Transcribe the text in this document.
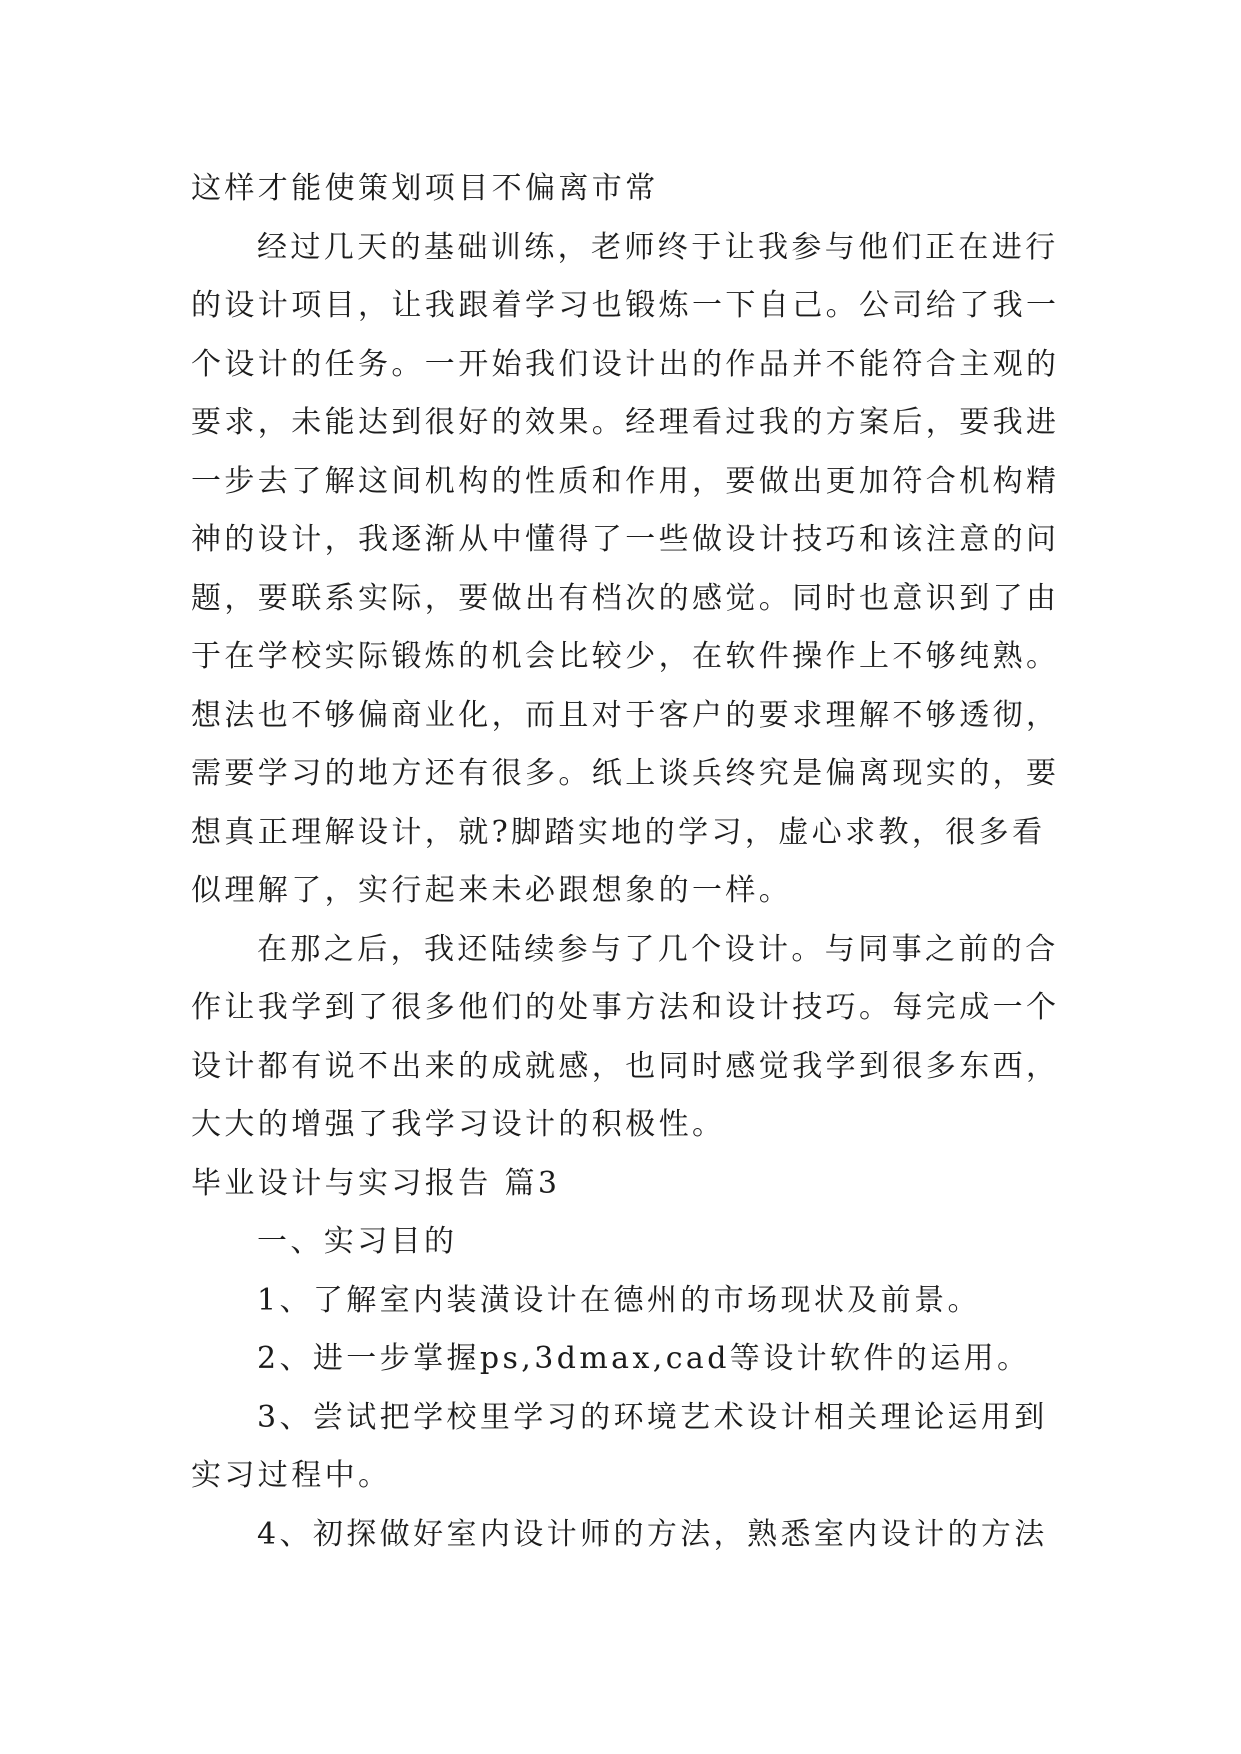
这样才能使策划项目不偏离市常
经过几天的基础训练，老师终于让我参与他们正在进行
的设计项目，让我跟着学习也锻炼一下自己。公司给了我一
个设计的任务。一开始我们设计出的作品并不能符合主观的
要求，未能达到很好的效果。经理看过我的方案后，要我进
一步去了解这间机构的性质和作用，要做出更加符合机构精
神的设计，我逐渐从中懂得了一些做设计技巧和该注意的问
题，要联系实际，要做出有档次的感觉。同时也意识到了由
于在学校实际锻炼的机会比较少，在软件操作上不够纯熟。
想法也不够偏商业化，而且对于客户的要求理解不够透彻，
需要学习的地方还有很多。纸上谈兵终究是偏离现实的，要
想真正理解设计，就?脚踏实地的学习，虚心求教，很多看
似理解了，实行起来未必跟想象的一样。
在那之后，我还陆续参与了几个设计。与同事之前的合
作让我学到了很多他们的处事方法和设计技巧。每完成一个
设计都有说不出来的成就感，也同时感觉我学到很多东西，
大大的增强了我学习设计的积极性。
毕业设计与实习报告 篇3
一、实习目的
1、了解室内装潢设计在德州的市场现状及前景。
2、进一步掌握ps,3dmax,cad等设计软件的运用。
3、尝试把学校里学习的环境艺术设计相关理论运用到
实习过程中。
4、初探做好室内设计师的方法，熟悉室内设计的方法
